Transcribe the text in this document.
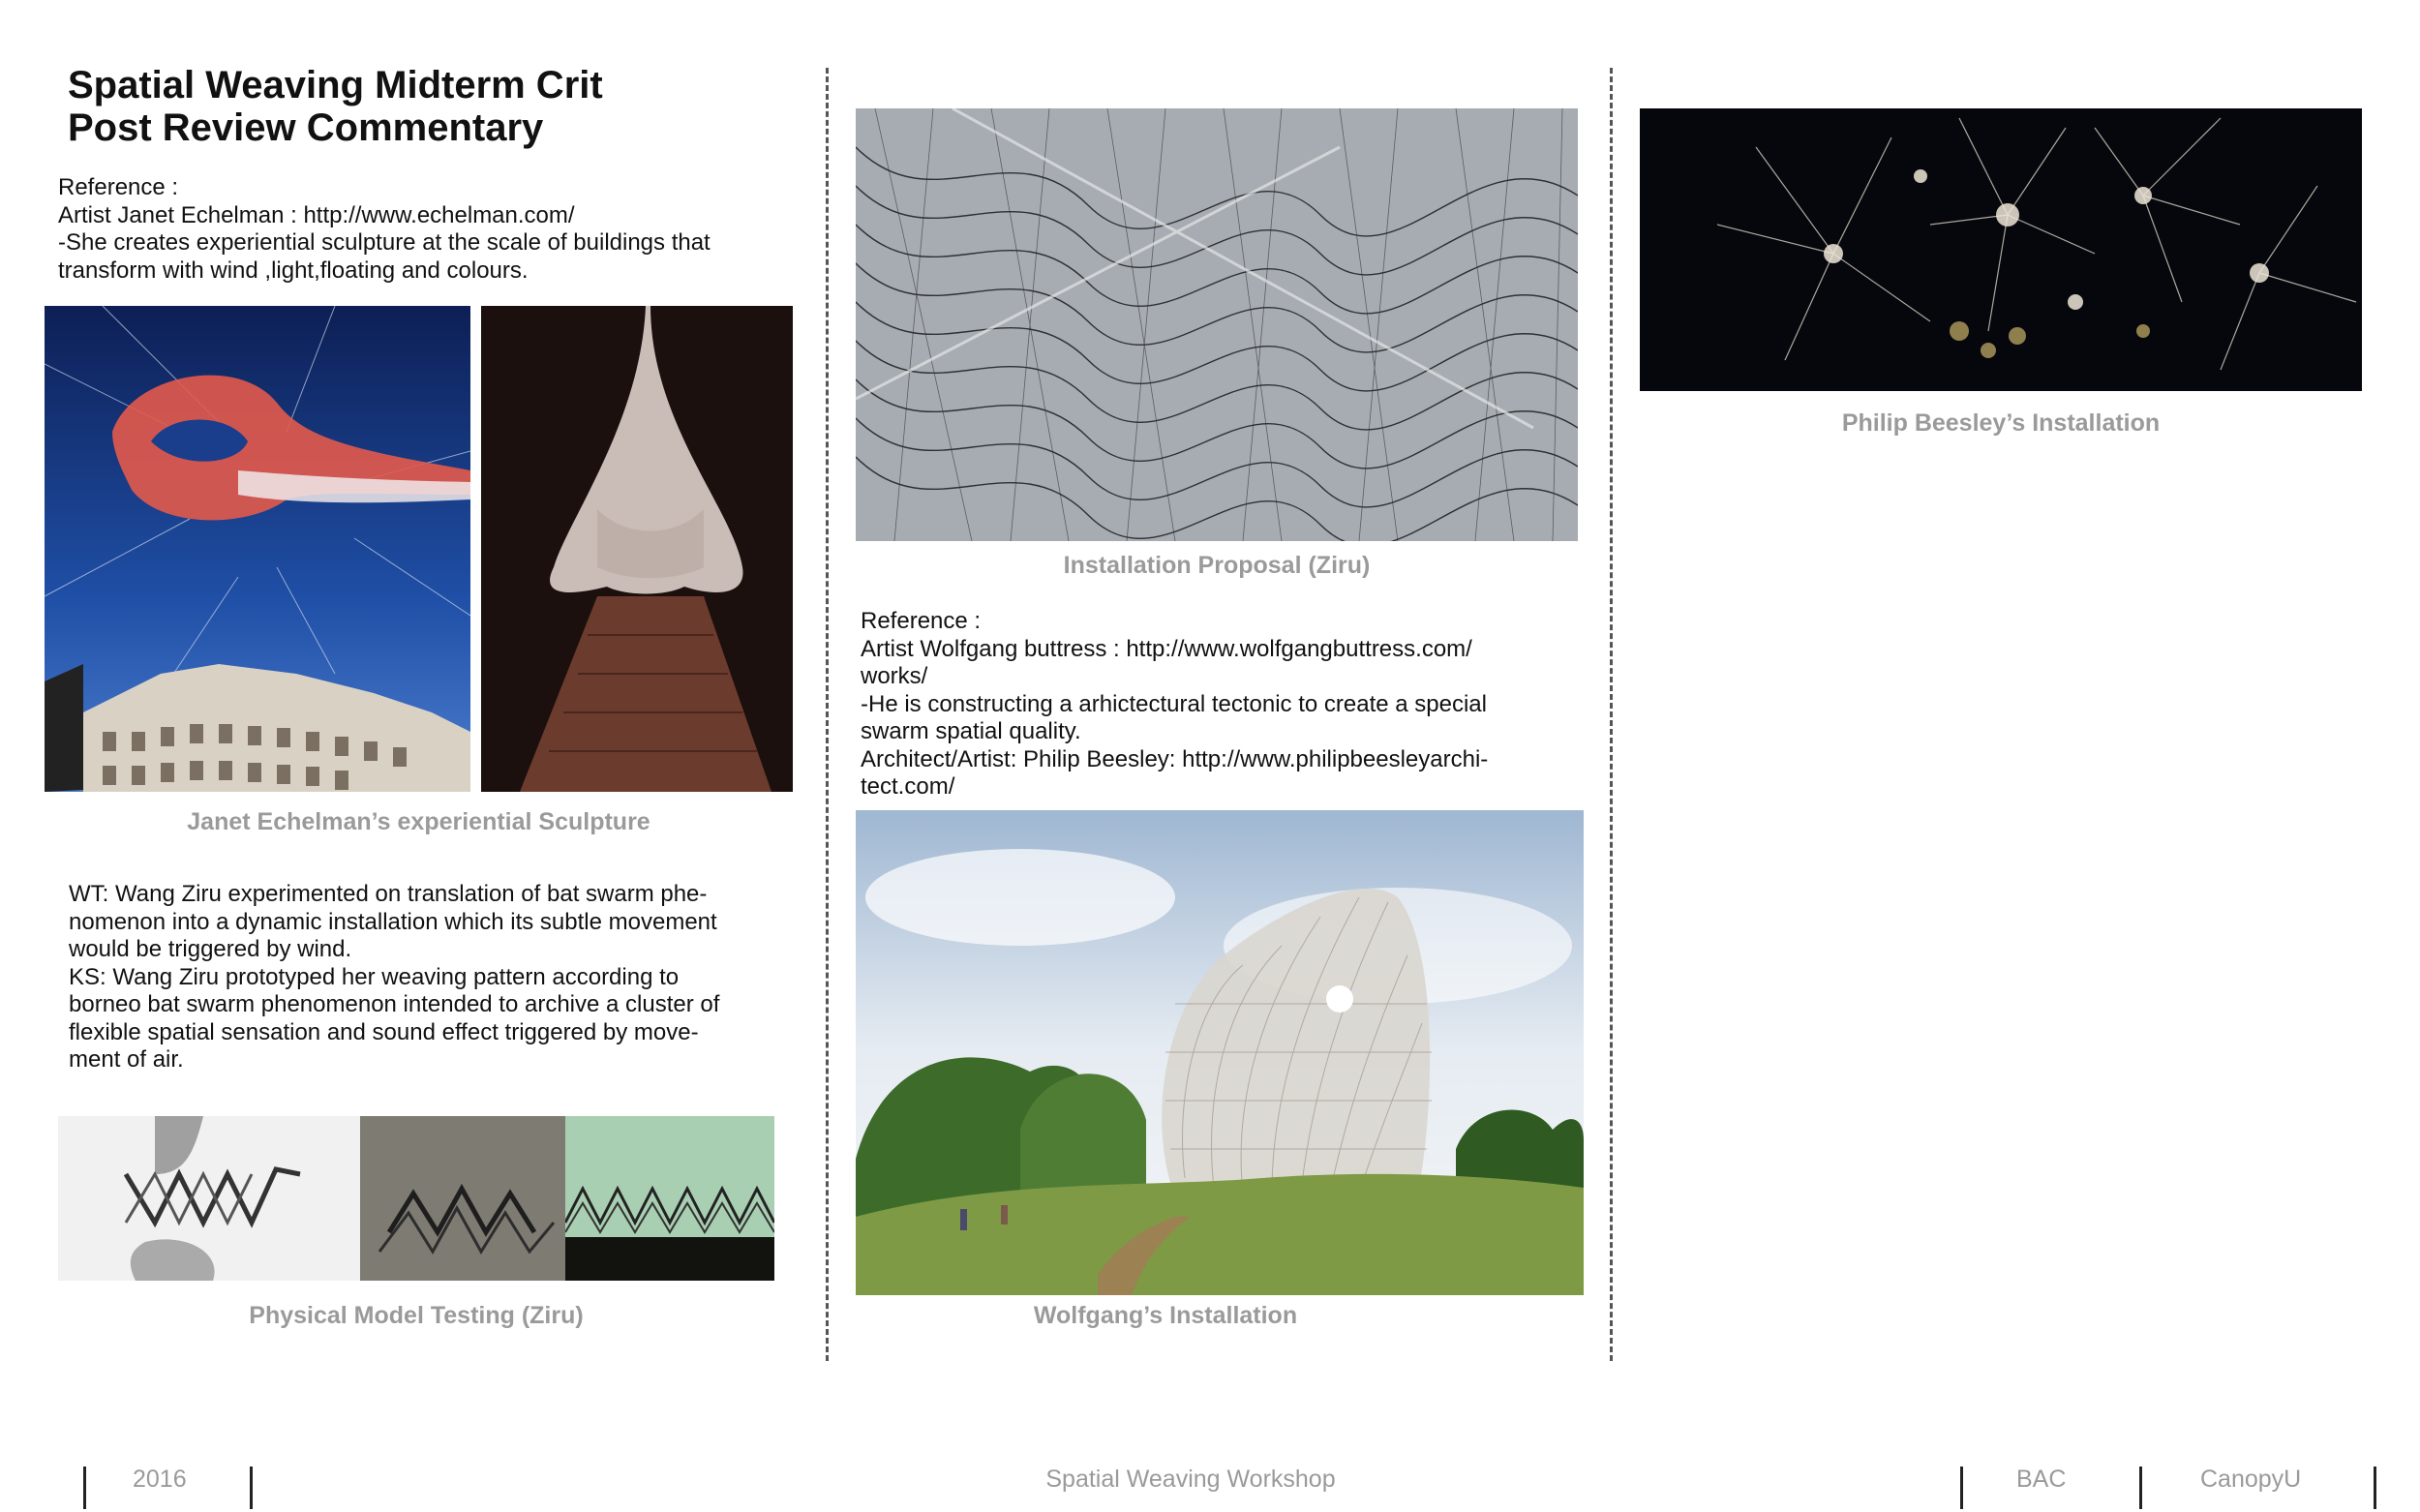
Spatial Weaving Midterm Crit
Post Review Commentary
Reference :
Artist Janet Echelman : http://www.echelman.com/
-She creates experiential sculpture at the scale of buildings that
transform with wind ,light,floating and colours.
Janet Echelman’s experiential Sculpture
WT: Wang Ziru experimented on translation of bat swarm phe-
nomenon into a dynamic installation which its subtle movement
would be triggered by wind.
KS: Wang Ziru prototyped her weaving pattern according to
borneo bat swarm phenomenon intended to archive a cluster of
flexible spatial sensation and sound effect triggered by move-
ment of air.
Physical Model Testing (Ziru)
Installation Proposal (Ziru)
Reference :
Artist Wolfgang buttress : http://www.wolfgangbuttress.com/
works/
-He is constructing a arhictectural tectonic to create a special
swarm spatial quality.
Architect/Artist: Philip Beesley: http://www.philipbeesleyarchi-
tect.com/
Wolfgang’s Installation
Philip Beesley’s Installation
2016	Spatial Weaving Workshop	BAC	CanopyU
